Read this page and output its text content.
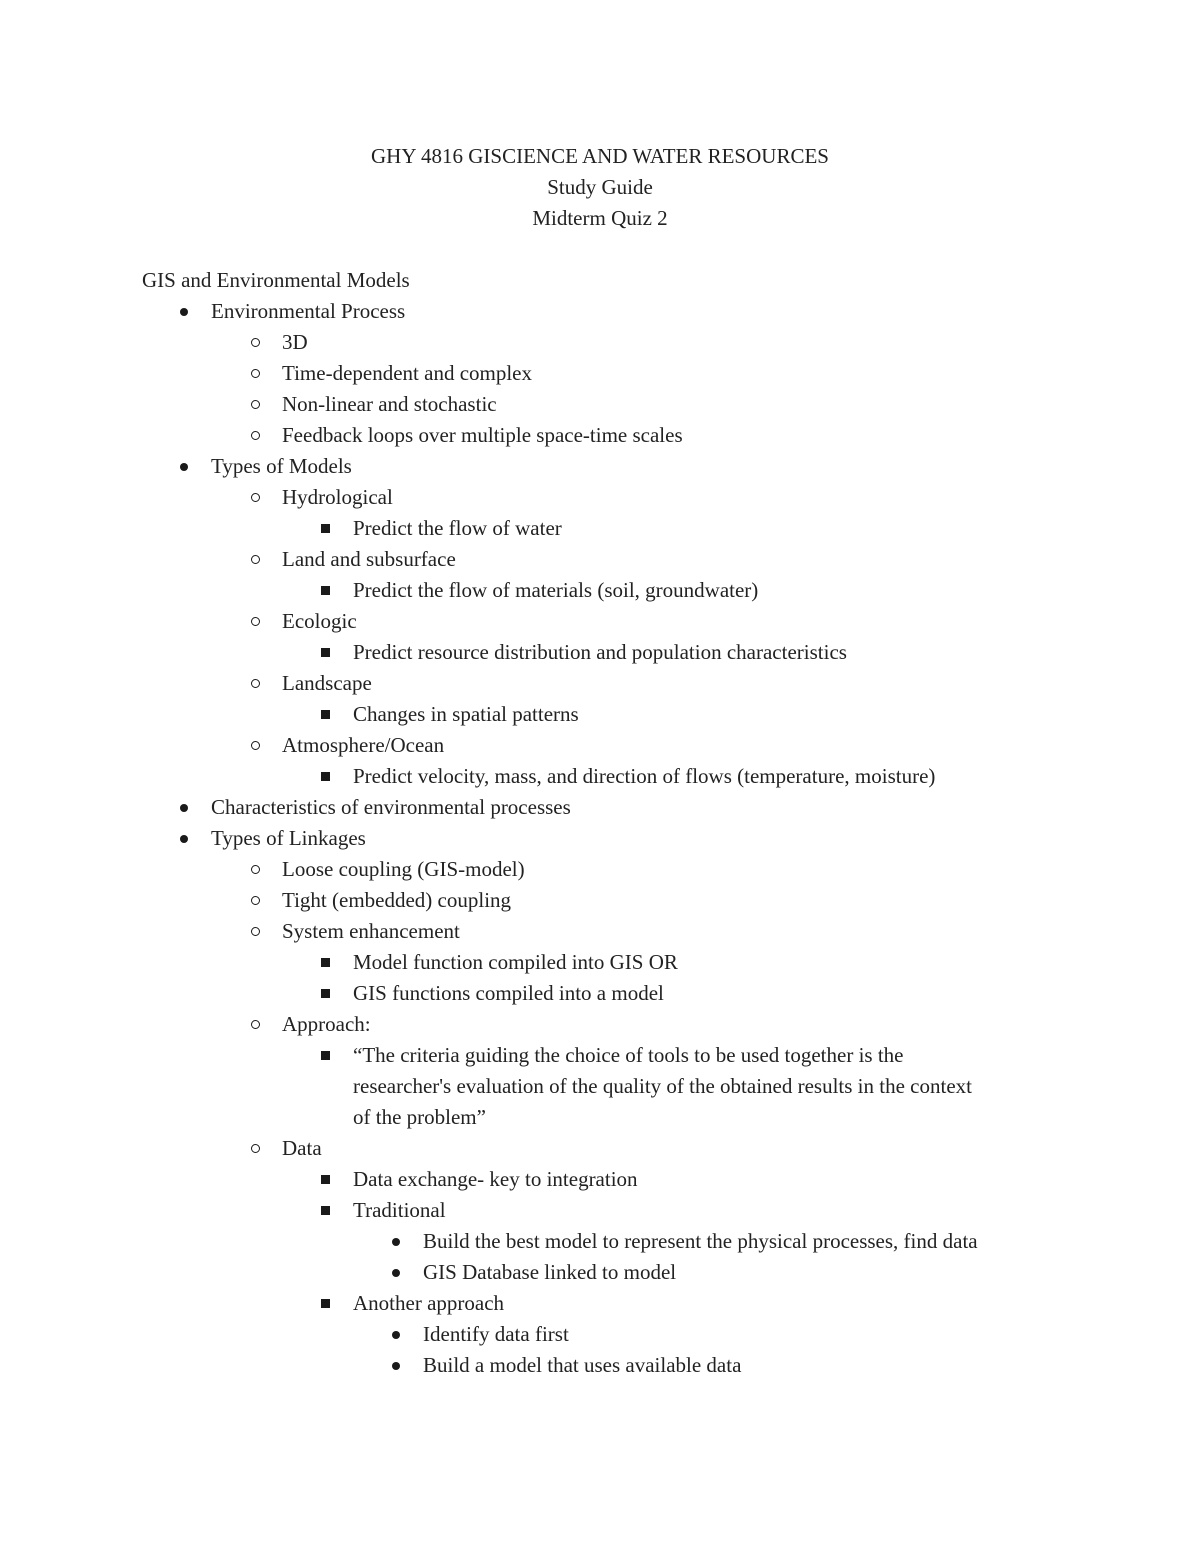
GHY 4816 GISCIENCE AND WATER RESOURCES
Study Guide
Midterm Quiz 2
GIS and Environmental Models
Environmental Process
3D
Time-dependent and complex
Non-linear and stochastic
Feedback loops over multiple space-time scales
Types of Models
Hydrological
Predict the flow of water
Land and subsurface
Predict the flow of materials (soil, groundwater)
Ecologic
Predict resource distribution and population characteristics
Landscape
Changes in spatial patterns
Atmosphere/Ocean
Predict velocity, mass, and direction of flows (temperature, moisture)
Characteristics of environmental processes
Types of Linkages
Loose coupling (GIS-model)
Tight (embedded) coupling
System enhancement
Model function compiled into GIS OR
GIS functions compiled into a model
Approach:
“The criteria guiding the choice of tools to be used together is the
researcher's evaluation of the quality of the obtained results in the context
of the problem”
Data
Data exchange- key to integration
Traditional
Build the best model to represent the physical processes, find data
GIS Database linked to model
Another approach
Identify data first
Build a model that uses available data
